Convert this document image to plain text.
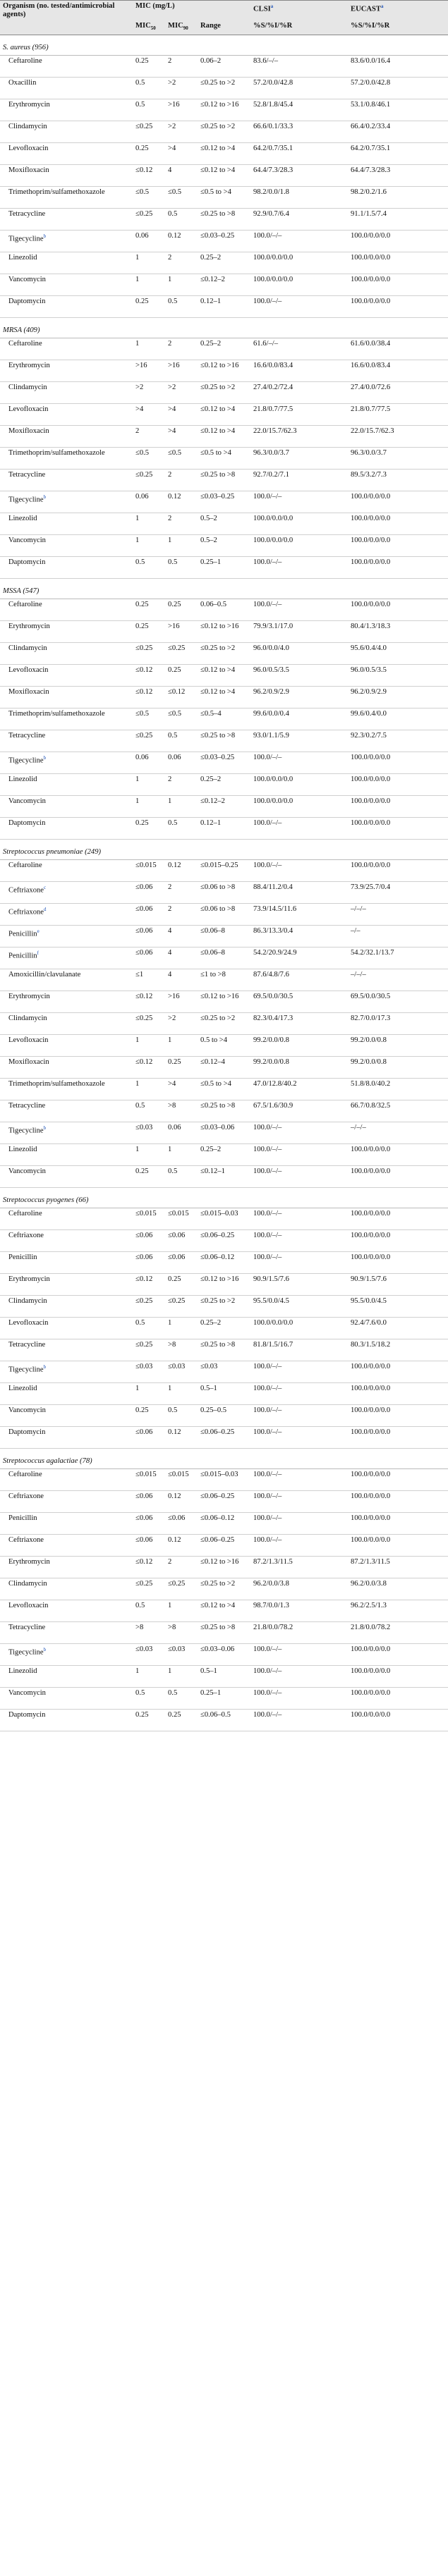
Organism (no. tested/antimicrobial agents)	MIC (mg/L)			CLSI$^a$	EUCAST$^a$
	$MIC_{50}$	$MIC_{90}$	Range	%S/%I/%R	%S/%I/%R
S. aureus (956)					
Ceftaroline	0.25	2	0.06–2	83.6/–/–	83.6/0.0/16.4
Oxacillin	0.5	>2	≤0.25 to >2	57.2/0.0/42.8	57.2/0.0/42.8
Erythromycin	0.5	>16	≤0.12 to >16	52.8/1.8/45.4	53.1/0.8/46.1
Clindamycin	≤0.25	>2	≤0.25 to >2	66.6/0.1/33.3	66.4/0.2/33.4
Levofloxacin	0.25	>4	≤0.12 to >4	64.2/0.7/35.1	64.2/0.7/35.1
Moxifloxacin	≤0.12	4	≤0.12 to >4	64.4/7.3/28.3	64.4/7.3/28.3
Trimethoprim/sulfamethoxazole	≤0.5	≤0.5	≤0.5 to >4	98.2/0.0/1.8	98.2/0.2/1.6
Tetracycline	≤0.25	0.5	≤0.25 to >8	92.9/0.7/6.4	91.1/1.5/7.4
Tigecycline$^b$	0.06	0.12	≤0.03–0.25	100.0/–/–	100.0/0.0/0.0
Linezolid	1	2	0.25–2	100.0/0.0/0.0	100.0/0.0/0.0
Vancomycin	1	1	≤0.12–2	100.0/0.0/0.0	100.0/0.0/0.0
Daptomycin	0.25	0.5	0.12–1	100.0/–/–	100.0/0.0/0.0
MRSA (409)					
Ceftaroline	1	2	0.25–2	61.6/–/–	61.6/0.0/38.4
Erythromycin	>16	>16	≤0.12 to >16	16.6/0.0/83.4	16.6/0.0/83.4
Clindamycin	>2	>2	≤0.25 to >2	27.4/0.2/72.4	27.4/0.0/72.6
Levofloxacin	>4	>4	≤0.12 to >4	21.8/0.7/77.5	21.8/0.7/77.5
Moxifloxacin	2	>4	≤0.12 to >4	22.0/15.7/62.3	22.0/15.7/62.3
Trimethoprim/sulfamethoxazole	≤0.5	≤0.5	≤0.5 to >4	96.3/0.0/3.7	96.3/0.0/3.7
Tetracycline	≤0.25	2	≤0.25 to >8	92.7/0.2/7.1	89.5/3.2/7.3
Tigecycline$^b$	0.06	0.12	≤0.03–0.25	100.0/–/–	100.0/0.0/0.0
Linezolid	1	2	0.5–2	100.0/0.0/0.0	100.0/0.0/0.0
Vancomycin	1	1	0.5–2	100.0/0.0/0.0	100.0/0.0/0.0
Daptomycin	0.5	0.5	0.25–1	100.0/–/–	100.0/0.0/0.0
MSSA (547)					
Ceftaroline	0.25	0.25	0.06–0.5	100.0/–/–	100.0/0.0/0.0
Erythromycin	0.25	>16	≤0.12 to >16	79.9/3.1/17.0	80.4/1.3/18.3
Clindamycin	≤0.25	≤0.25	≤0.25 to >2	96.0/0.0/4.0	95.6/0.4/4.0
Levofloxacin	≤0.12	0.25	≤0.12 to >4	96.0/0.5/3.5	96.0/0.5/3.5
Moxifloxacin	≤0.12	≤0.12	≤0.12 to >4	96.2/0.9/2.9	96.2/0.9/2.9
Trimethoprim/sulfamethoxazole	≤0.5	≤0.5	≤0.5–4	99.6/0.0/0.4	99.6/0.4/0.0
Tetracycline	≤0.25	0.5	≤0.25 to >8	93.0/1.1/5.9	92.3/0.2/7.5
Tigecycline$^b$	0.06	0.06	≤0.03–0.25	100.0/–/–	100.0/0.0/0.0
Linezolid	1	2	0.25–2	100.0/0.0/0.0	100.0/0.0/0.0
Vancomycin	1	1	≤0.12–2	100.0/0.0/0.0	100.0/0.0/0.0
Daptomycin	0.25	0.5	0.12–1	100.0/–/–	100.0/0.0/0.0
Streptococcus pneumoniae (249)					
Ceftaroline	≤0.015	0.12	≤0.015–0.25	100.0/–/–	100.0/0.0/0.0
Ceftriaxone$^c$	≤0.06	2	≤0.06 to >8	88.4/11.2/0.4	73.9/25.7/0.4
Ceftriaxone$^d$	≤0.06	2	≤0.06 to >8	73.9/14.5/11.6	–/–/–
Penicillin$^e$	≤0.06	4	≤0.06–8	86.3/13.3/0.4	–/–
Penicillin$^f$	≤0.06	4	≤0.06–8	54.2/20.9/24.9	54.2/32.1/13.7
Amoxicillin/clavulanate	≤1	4	≤1 to >8	87.6/4.8/7.6	–/–/–
Erythromycin	≤0.12	>16	≤0.12 to >16	69.5/0.0/30.5	69.5/0.0/30.5
Clindamycin	≤0.25	>2	≤0.25 to >2	82.3/0.4/17.3	82.7/0.0/17.3
Levofloxacin	1	1	0.5 to >4	99.2/0.0/0.8	99.2/0.0/0.8
Moxifloxacin	≤0.12	0.25	≤0.12–4	99.2/0.0/0.8	99.2/0.0/0.8
Trimethoprim/sulfamethoxazole	1	>4	≤0.5 to >4	47.0/12.8/40.2	51.8/8.0/40.2
Tetracycline	0.5	>8	≤0.25 to >8	67.5/1.6/30.9	66.7/0.8/32.5
Tigecycline$^b$	≤0.03	0.06	≤0.03–0.06	100.0/–/–	–/–/–
Linezolid	1	1	0.25–2	100.0/–/–	100.0/0.0/0.0
Vancomycin	0.25	0.5	≤0.12–1	100.0/–/–	100.0/0.0/0.0
Streptococcus pyogenes (66)					
Ceftaroline	≤0.015	≤0.015	≤0.015–0.03	100.0/–/–	100.0/0.0/0.0
Ceftriaxone	≤0.06	≤0.06	≤0.06–0.25	100.0/–/–	100.0/0.0/0.0
Penicillin	≤0.06	≤0.06	≤0.06–0.12	100.0/–/–	100.0/0.0/0.0
Erythromycin	≤0.12	0.25	≤0.12 to >16	90.9/1.5/7.6	90.9/1.5/7.6
Clindamycin	≤0.25	≤0.25	≤0.25 to >2	95.5/0.0/4.5	95.5/0.0/4.5
Levofloxacin	0.5	1	0.25–2	100.0/0.0/0.0	92.4/7.6/0.0
Tetracycline	≤0.25	>8	≤0.25 to >8	81.8/1.5/16.7	80.3/1.5/18.2
Tigecycline$^b$	≤0.03	≤0.03	≤0.03	100.0/–/–	100.0/0.0/0.0
Linezolid	1	1	0.5–1	100.0/–/–	100.0/0.0/0.0
Vancomycin	0.25	0.5	0.25–0.5	100.0/–/–	100.0/0.0/0.0
Daptomycin	≤0.06	0.12	≤0.06–0.25	100.0/–/–	100.0/0.0/0.0
Streptococcus agalactiae (78)					
Ceftaroline	≤0.015	≤0.015	≤0.015–0.03	100.0/–/–	100.0/0.0/0.0
Ceftriaxone	≤0.06	0.12	≤0.06–0.25	100.0/–/–	100.0/0.0/0.0
Penicillin	≤0.06	≤0.06	≤0.06–0.12	100.0/–/–	100.0/0.0/0.0
Ceftriaxone	≤0.06	0.12	≤0.06–0.25	100.0/–/–	100.0/0.0/0.0
Erythromycin	≤0.12	2	≤0.12 to >16	87.2/1.3/11.5	87.2/1.3/11.5
Clindamycin	≤0.25	≤0.25	≤0.25 to >2	96.2/0.0/3.8	96.2/0.0/3.8
Levofloxacin	0.5	1	≤0.12 to >4	98.7/0.0/1.3	96.2/2.5/1.3
Tetracycline	>8	>8	≤0.25 to >8	21.8/0.0/78.2	21.8/0.0/78.2
Tigecycline$^b$	≤0.03	≤0.03	≤0.03–0.06	100.0/–/–	100.0/0.0/0.0
Linezolid	1	1	0.5–1	100.0/–/–	100.0/0.0/0.0
Vancomycin	0.5	0.5	0.25–1	100.0/–/–	100.0/0.0/0.0
Daptomycin	0.25	0.25	≤0.06–0.5	100.0/–/–	100.0/0.0/0.0
